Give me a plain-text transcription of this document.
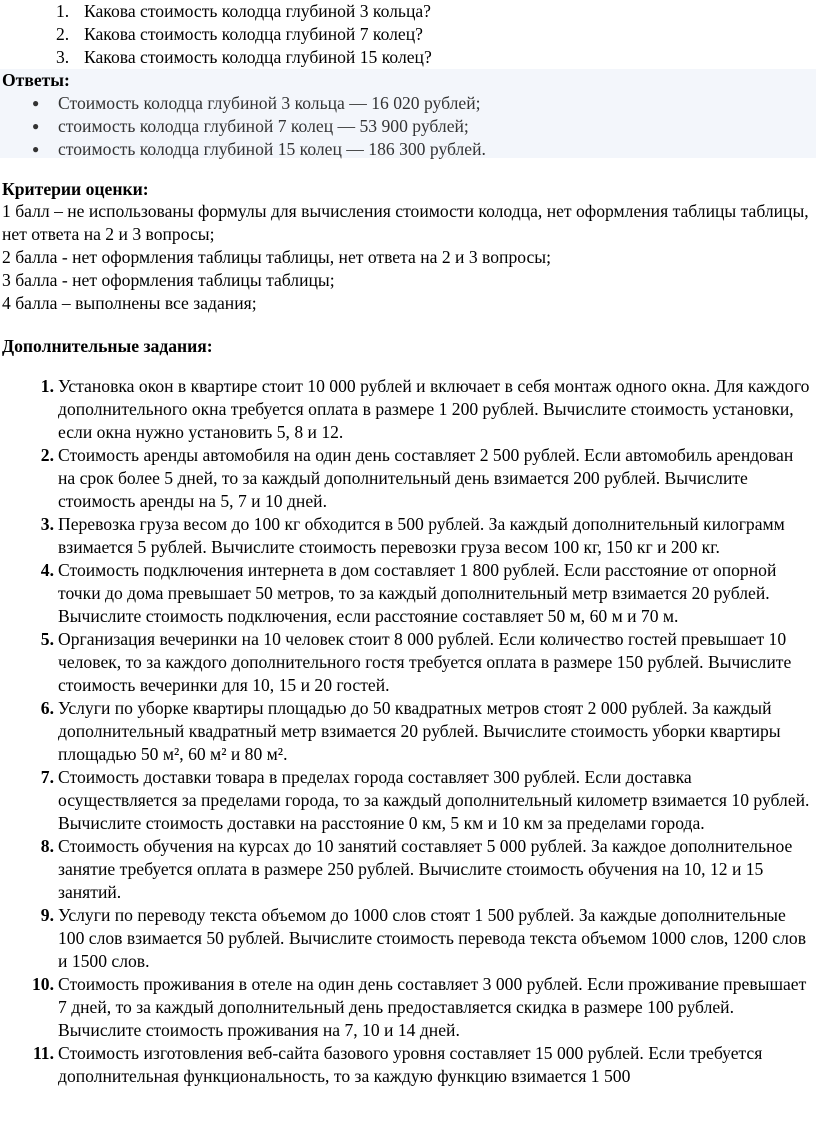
1. Какова стоимость колодца глубиной 3 кольца?
2. Какова стоимость колодца глубиной 7 колец?
3. Какова стоимость колодца глубиной 15 колец?
Ответы:
● Стоимость колодца глубиной 3 кольца — 16 020 рублей;
● стоимость колодца глубиной 7 колец — 53 900 рублей;
● стоимость колодца глубиной 15 колец — 186 300 рублей.
Критерии оценки:

1 балл – не использованы формулы для вычисления стоимости колодца, нет оформления таблицы таблицы, нет ответа на 2 и 3 вопросы;

2 балла - нет оформления таблицы таблицы, нет ответа на 2 и 3 вопросы;

3 балла - нет оформления таблицы таблицы;

4 балла – выполнены все задания;

Дополнительные задания:
1. Установка окон в квартире стоит 10 000 рублей и включает в себя монтаж одного окна. Для каждого дополнительного окна требуется оплата в размере 1 200 рублей. Вычислите стоимость установки, если окна нужно установить 5, 8 и 12.
2. Стоимость аренды автомобиля на один день составляет 2 500 рублей. Если автомобиль арендован на срок более 5 дней, то за каждый дополнительный день взимается 200 рублей. Вычислите стоимость аренды на 5, 7 и 10 дней.
3. Перевозка груза весом до 100 кг обходится в 500 рублей. За каждый дополнительный килограмм взимается 5 рублей. Вычислите стоимость перевозки груза весом 100 кг, 150 кг и 200 кг.
4. Стоимость подключения интернета в дом составляет 1 800 рублей. Если расстояние от опорной точки до дома превышает 50 метров, то за каждый дополнительный метр взимается 20 рублей. Вычислите стоимость подключения, если расстояние составляет 50 м, 60 м и 70 м.
5. Организация вечеринки на 10 человек стоит 8 000 рублей. Если количество гостей превышает 10 человек, то за каждого дополнительного гостя требуется оплата в размере 150 рублей. Вычислите стоимость вечеринки для 10, 15 и 20 гостей.
6. Услуги по уборке квартиры площадью до 50 квадратных метров стоят 2 000 рублей. За каждый дополнительный квадратный метр взимается 20 рублей. Вычислите стоимость уборки квартиры площадью 50 м², 60 м² и 80 м².
7. Стоимость доставки товара в пределах города составляет 300 рублей. Если доставка осуществляется за пределами города, то за каждый дополнительный километр взимается 10 рублей. Вычислите стоимость доставки на расстояние 0 км, 5 км и 10 км за пределами города.
8. Стоимость обучения на курсах до 10 занятий составляет 5 000 рублей. За каждое дополнительное занятие требуется оплата в размере 250 рублей. Вычислите стоимость обучения на 10, 12 и 15 занятий.
9. Услуги по переводу текста объемом до 1000 слов стоят 1 500 рублей. За каждые дополнительные 100 слов взимается 50 рублей. Вычислите стоимость перевода текста объемом 1000 слов, 1200 слов и 1500 слов.
10. Стоимость проживания в отеле на один день составляет 3 000 рублей. Если проживание превышает 7 дней, то за каждый дополнительный день предоставляется скидка в размере 100 рублей. Вычислите стоимость проживания на 7, 10 и 14 дней.
11. Стоимость изготовления веб-сайта базового уровня составляет 15 000 рублей. Если требуется дополнительная функциональность, то за каждую функцию взимается 1 500
